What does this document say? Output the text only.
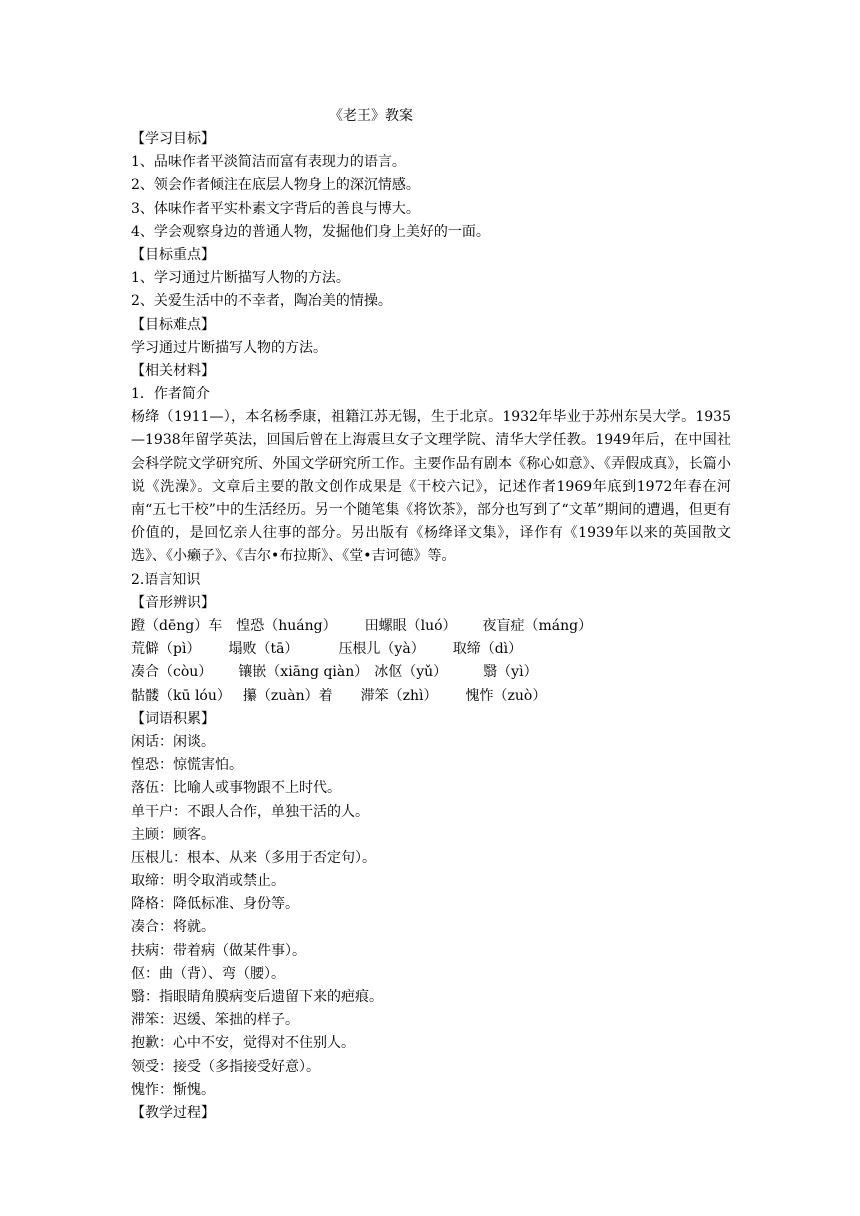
《老王》教案
【学习目标】
1、品味作者平淡简洁而富有表现力的语言。
2、领会作者倾注在底层人物身上的深沉情感。
3、体味作者平实朴素文字背后的善良与博大。
4、学会观察身边的普通人物，发掘他们身上美好的一面。
【目标重点】
1、学习通过片断描写人物的方法。
2、关爱生活中的不幸者，陶冶美的情操。
【目标难点】
学习通过片断描写人物的方法。
【相关材料】
1．作者简介
杨绛（1911—），本名杨季康，祖籍江苏无锡，生于北京。1932年毕业于苏州东吴大学。1935—1938年留学英法，回国后曾在上海震旦女子文理学院、清华大学任教。1949年后，在中国社会科学院文学研究所、外国文学研究所工作。主要作品有剧本《称心如意》、《弄假成真》，长篇小说《洗澡》。文章后主要的散文创作成果是《干校六记》，记述作者1969年底到1972年春在河南“五七干校”中的生活经历。另一个随笔集《将饮茶》，部分也写到了“文革”期间的遭遇，但更有价值的，是回忆亲人往事的部分。另出版有《杨绛译文集》，译作有《1939年以来的英国散文选》、《小癞子》、《吉尔•布拉斯》、《堂•吉诃德》等。
2.语言知识
【音形辨识】
蹬（dēng）车 惶恐（huáng） 田螺眼（luó） 夜盲症（máng）
荒僻（pì） 塌败（tā）	压根儿（yà） 取缔（dì）
凑合（còu） 镶嵌（xiāng qiàn） 冰伛（yǔ）	翳（yì）
骷髅（kū lóu） 攥（zuàn）着 滞笨（zhì） 愧怍（zuò）
【词语积累】
闲话：闲谈。
惶恐：惊慌害怕。
落伍：比喻人或事物跟不上时代。
单干户：不跟人合作，单独干活的人。
主顾：顾客。
压根儿：根本、从来（多用于否定句）。
取缔：明令取消或禁止。
降格：降低标准、身份等。
凑合：将就。
扶病：带着病（做某件事）。
伛：曲（背）、弯（腰）。
翳：指眼睛角膜病变后遗留下来的疤痕。
滞笨：迟缓、笨拙的样子。
抱歉：心中不安，觉得对不住别人。
领受：接受（多指接受好意）。
愧怍：惭愧。
【教学过程】
